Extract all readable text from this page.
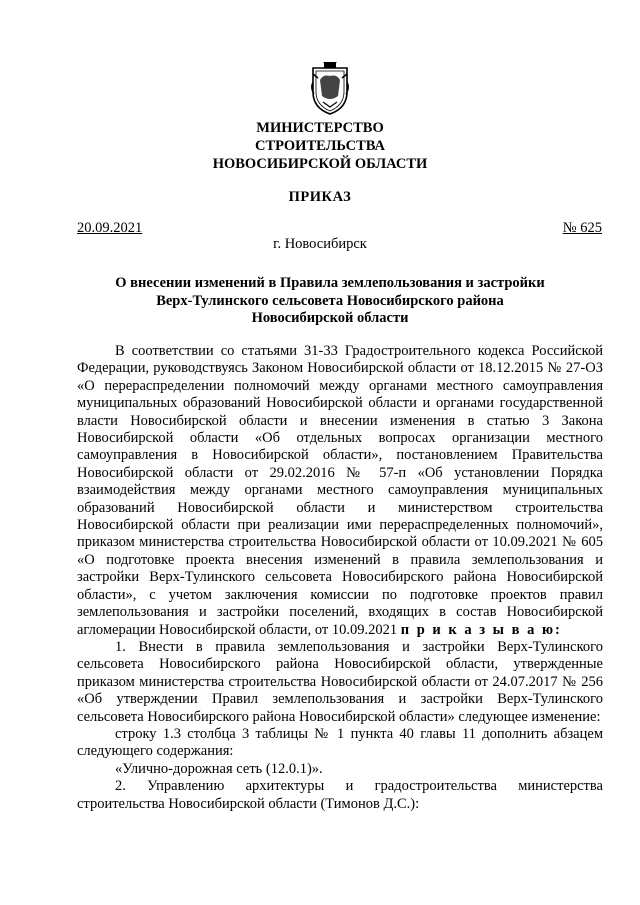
МИНИСТЕРСТВО
СТРОИТЕЛЬСТВА
НОВОСИБИРСКОЙ ОБЛАСТИ
ПРИКАЗ
20.09.2021	№ 625
г. Новосибирск
О внесении изменений в Правила землепользования и застройки
Верх-Тулинского сельсовета Новосибирского района
Новосибирской области

В соответствии со статьями 31-33 Градостроительного кодекса Российской Федерации, руководствуясь Законом Новосибирской области от 18.12.2015 № 27-ОЗ «О перераспределении полномочий между органами местного самоуправления муниципальных образований Новосибирской области и органами государственной власти Новосибирской области и внесении изменения в статью 3 Закона Новосибирской области «Об отдельных вопросах организации местного самоуправления в Новосибирской области», постановлением Правительства Новосибирской области от 29.02.2016 № 57-п «Об установлении Порядка взаимодействия между органами местного самоуправления муниципальных образований Новосибирской области и министерством строительства Новосибирской области при реализации ими перераспределенных полномочий», приказом министерства строительства Новосибирской области от 10.09.2021 № 605 «О подготовке проекта внесения изменений в правила землепользования и застройки Верх-Тулинского сельсовета Новосибирского района Новосибирской области», с учетом заключения комиссии по подготовке проектов правил землепользования и застройки поселений, входящих в состав Новосибирской агломерации Новосибирской области, от 10.09.2021 п р и к а з ы в а ю:

1. Внести в правила землепользования и застройки Верх-Тулинского сельсовета Новосибирского района Новосибирской области, утвержденные приказом министерства строительства Новосибирской области от 24.07.2017 № 256 «Об утверждении Правил землепользования и застройки Верх-Тулинского сельсовета Новосибирского района Новосибирской области» следующее изменение:

строку 1.3 столбца 3 таблицы № 1 пункта 40 главы 11 дополнить абзацем следующего содержания:

«Улично-дорожная сеть (12.0.1)».

2. Управлению архитектуры и градостроительства министерства строительства Новосибирской области (Тимонов Д.С.):
